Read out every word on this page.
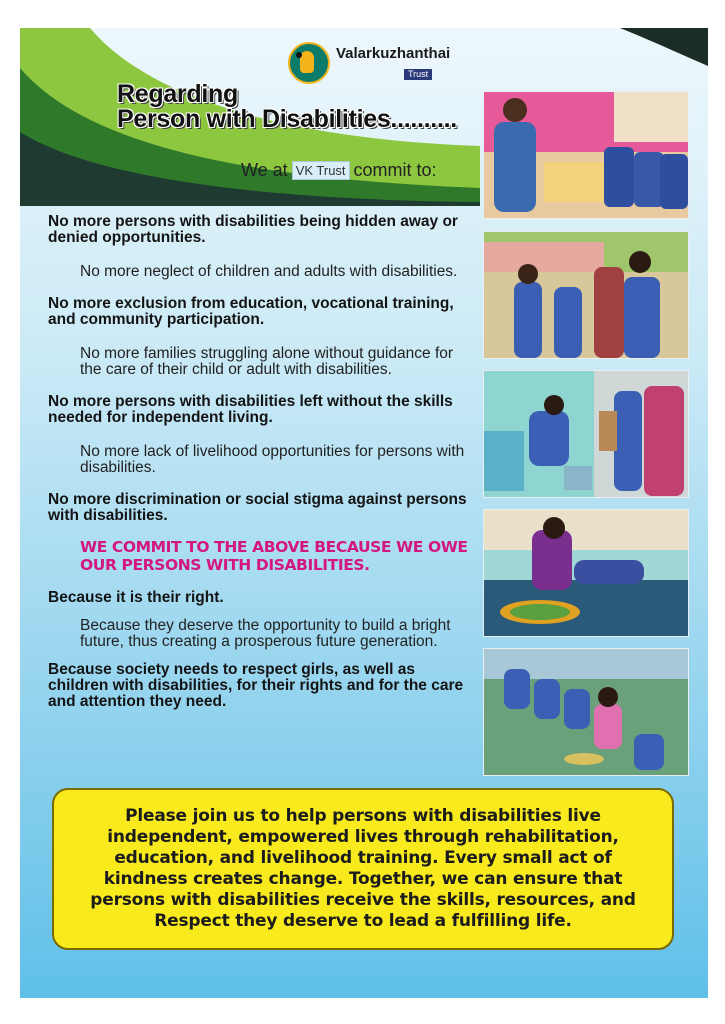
Valarkuzhanthai
Trust
Regarding
Person with Disabilities..........
We at VK Trust commit to:

No more persons with disabilities being hidden away or denied opportunities.

No more neglect of children and adults with disabilities.

No more exclusion from education, vocational training, and community participation.

No more families struggling alone without guidance for the care of their child or adult with disabilities.

No more persons with disabilities left without the skills needed for independent living.

No more lack of livelihood opportunities for persons with disabilities.

No more discrimination or social stigma against persons with disabilities.

WE COMMIT TO THE ABOVE BECAUSE WE OWE OUR PERSONS WITH DISABILITIES.

Because it is their right.

Because they deserve the opportunity to build a bright future, thus creating a prosperous future generation.

Because society needs to respect girls, as well as children with disabilities, for their rights and for the care and attention they need.

Please join us to help persons with disabilities live independent, empowered lives through rehabilitation, education, and livelihood training. Every small act of kindness creates change. Together, we can ensure that persons with disabilities receive the skills, resources, and Respect they deserve to lead a fulfilling life.
